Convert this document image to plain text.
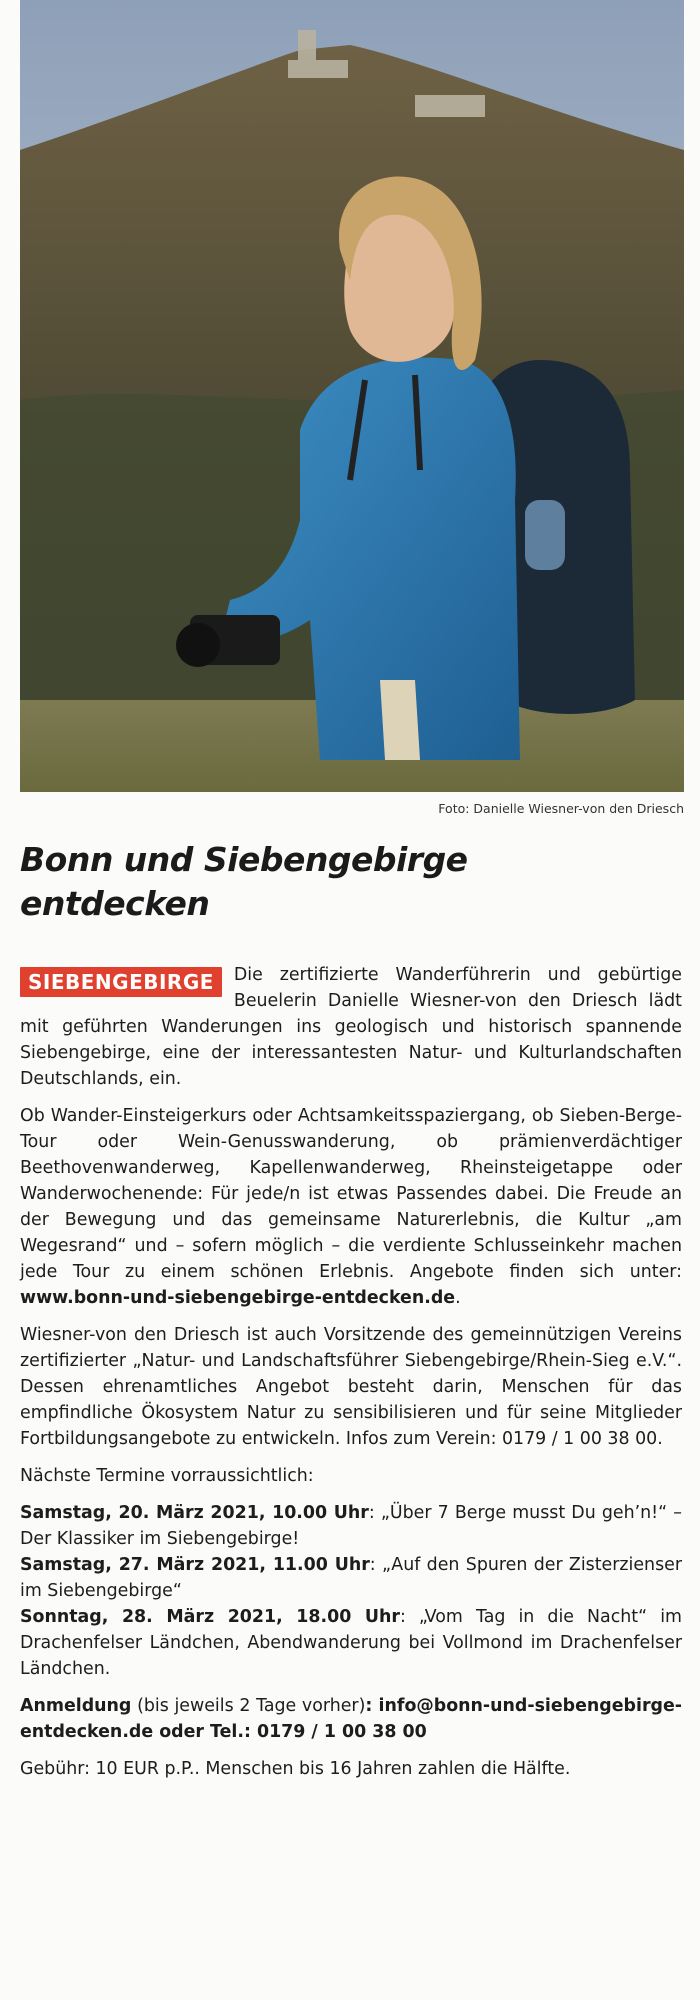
Foto: Danielle Wiesner-von den Driesch
Bonn und Siebengebirge entdecken

SIEBENGEBIRGE	Die zertifizierte Wanderführerin und gebürtige Beuelerin Danielle Wiesner-von den Driesch lädt mit geführten Wanderungen ins geologisch und historisch spannende Siebengebirge, eine der interessantesten Natur- und Kulturlandschaften Deutschlands, ein.

Ob Wander-Einsteigerkurs oder Achtsamkeitsspaziergang, ob Sieben-Berge-Tour oder Wein-Genusswanderung, ob prämienverdächtiger Beethovenwanderweg, Kapellenwanderweg, Rheinsteigetappe oder Wanderwochenende: Für jede/n ist etwas Passendes dabei. Die Freude an der Bewegung und das gemeinsame Naturerlebnis, die Kultur „am Wegesrand“ und – sofern möglich – die verdiente Schlusseinkehr machen jede Tour zu einem schönen Erlebnis. Angebote finden sich unter: www.bonn-und-siebengebirge-entdecken.de.

Wiesner-von den Driesch ist auch Vorsitzende des gemeinnützigen Vereins zertifizierter „Natur- und Landschaftsführer Siebengebirge/Rhein-Sieg e.V.“. Dessen ehrenamtliches Angebot besteht darin, Menschen für das empfindliche Ökosystem Natur zu sensibilisieren und für seine Mitglieder Fortbildungsangebote zu entwickeln. Infos zum Verein: 0179 / 1 00 38 00.

Nächste Termine vorraussichtlich:

Samstag, 20. März 2021, 10.00 Uhr: „Über 7 Berge musst Du geh’n!“ – Der Klassiker im Siebengebirge!

Samstag, 27. März 2021, 11.00 Uhr: „Auf den Spuren der Zisterzienser im Siebengebirge“

Sonntag, 28. März 2021, 18.00 Uhr: „Vom Tag in die Nacht“ im Drachenfelser Ländchen, Abendwanderung bei Vollmond im Drachenfelser Ländchen.

Anmeldung (bis jeweils 2 Tage vorher): info@bonn-und-siebengebirge-entdecken.de oder Tel.: 0179 / 1 00 38 00

Gebühr: 10 EUR p.P.. Menschen bis 16 Jahren zahlen die Hälfte.
